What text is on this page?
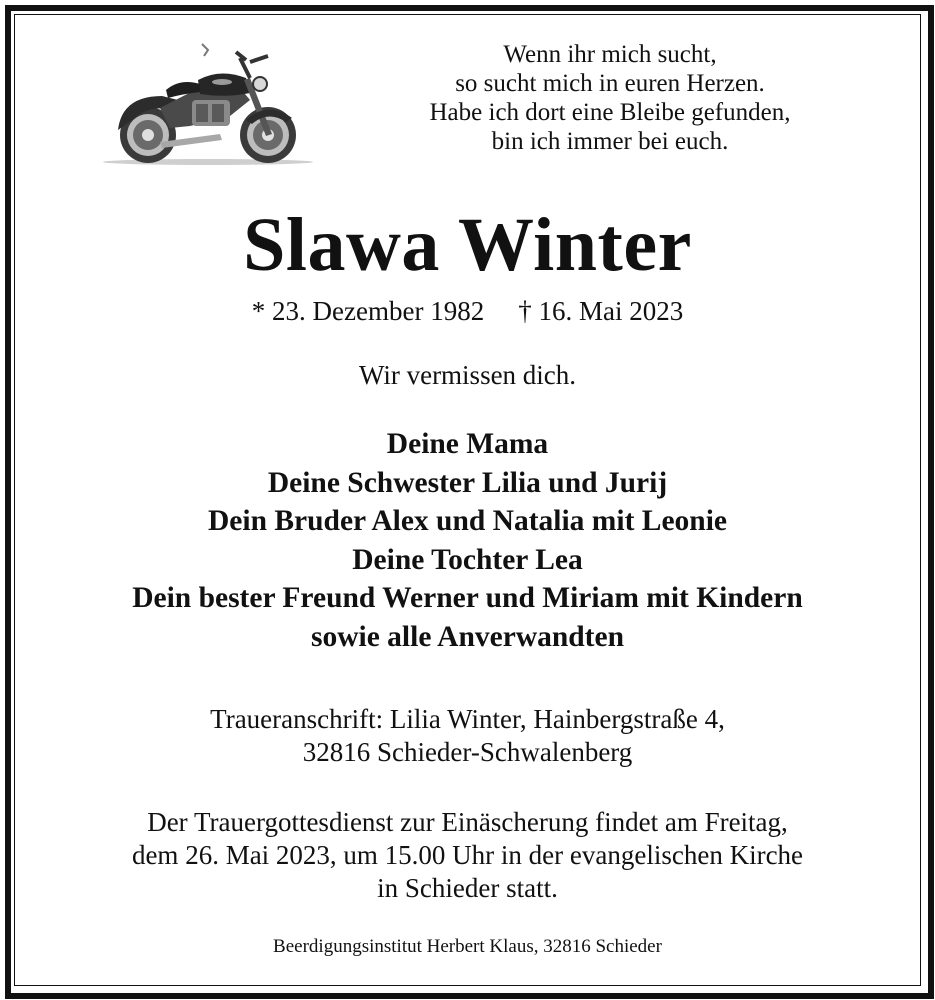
Wenn ihr mich sucht,
so sucht mich in euren Herzen.
Habe ich dort eine Bleibe gefunden,
bin ich immer bei euch.
Slawa Winter
* 23. Dezember 1982 † 16. Mai 2023
Wir vermissen dich.
Deine Mama
Deine Schwester Lilia und Jurij
Dein Bruder Alex und Natalia mit Leonie
Deine Tochter Lea
Dein bester Freund Werner und Miriam mit Kindern
sowie alle Anverwandten
Traueranschrift: Lilia Winter, Hainbergstraße 4,
32816 Schieder-Schwalenberg
Der Trauergottesdienst zur Einäscherung findet am Freitag,
dem 26. Mai 2023, um 15.00 Uhr in der evangelischen Kirche
in Schieder statt.
Beerdigungsinstitut Herbert Klaus, 32816 Schieder
